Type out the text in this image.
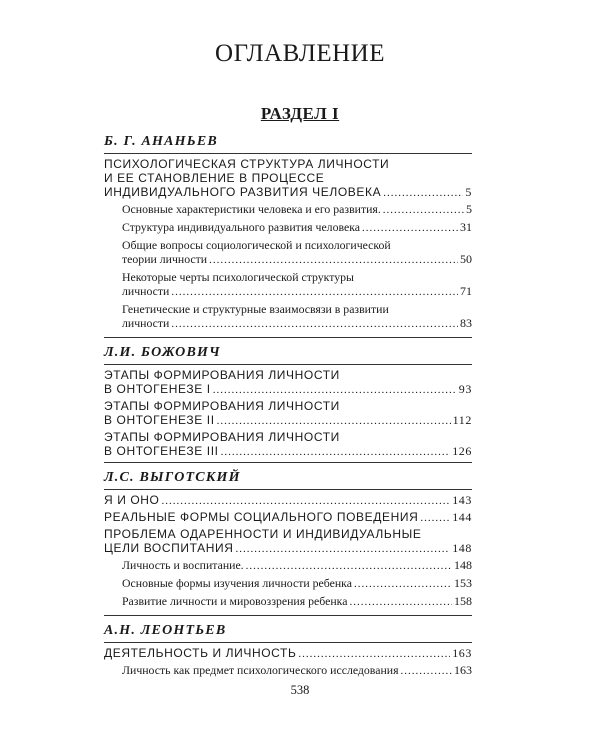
ОГЛАВЛЕНИЕ
РАЗДЕЛ I
Б. Г. АНАНЬЕВ
ПСИХОЛОГИЧЕСКАЯ СТРУКТУРА ЛИЧНОСТИ
И ЕЕ СТАНОВЛЕНИЕ В ПРОЦЕССЕ
ИНДИВИДУАЛЬНОГО РАЗВИТИЯ ЧЕЛОВЕКА .....	5
Основные характеристики человека и его развития. .....	5
Структура индивидуального развития человека .....	31
Общие вопросы социологической и психологической
теории личности .....	50
Некоторые черты психологической структуры
личности .....	71
Генетические и структурные взаимосвязи в развитии
личности .....	83
Л.И. БОЖОВИЧ
ЭТАПЫ ФОРМИРОВАНИЯ ЛИЧНОСТИ
В ОНТОГЕНЕЗЕ I .....	93
ЭТАПЫ ФОРМИРОВАНИЯ ЛИЧНОСТИ
В ОНТОГЕНЕЗЕ II .....	112
ЭТАПЫ ФОРМИРОВАНИЯ ЛИЧНОСТИ
В ОНТОГЕНЕЗЕ III .....	126
Л.С. ВЫГОТСКИЙ
Я И ОНО .....	143
РЕАЛЬНЫЕ ФОРМЫ СОЦИАЛЬНОГО ПОВЕДЕНИЯ .....	144
ПРОБЛЕМА ОДАРЕННОСТИ И ИНДИВИДУАЛЬНЫЕ
ЦЕЛИ ВОСПИТАНИЯ .....	148
Личность и воспитание. .....	148
Основные формы изучения личности ребенка .....	153
Развитие личности и мировоззрения ребенка .....	158
А.Н. ЛЕОНТЬЕВ
ДЕЯТЕЛЬНОСТЬ И ЛИЧНОСТЬ .....	163
Личность как предмет психологического исследования .....	163
538
